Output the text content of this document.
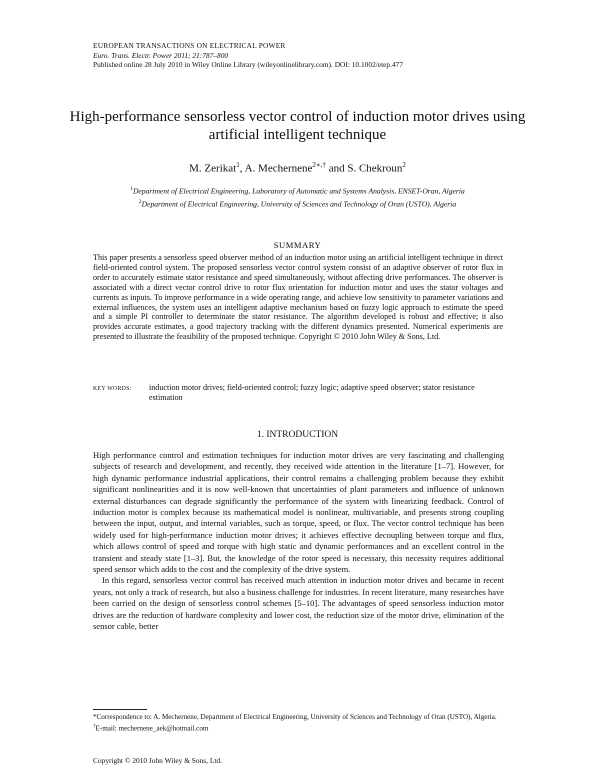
EUROPEAN TRANSACTIONS ON ELECTRICAL POWER
Euro. Trans. Electr. Power 2011; 21:787–800
Published online 28 July 2010 in Wiley Online Library (wileyonlinelibrary.com). DOI: 10.1002/etep.477
High-performance sensorless vector control of induction motor drives using artificial intelligent technique
M. Zerikat$^1$, A. Mechernene$^{2∗,\dagger}$ and S. Chekroun$^2$
$^1$Department of Electrical Engineering, Laboratory of Automatic and Systems Analysis, ENSET-Oran, Algeria
$^2$Department of Electrical Engineering, University of Sciences and Technology of Oran (USTO), Algeria
SUMMARY
This paper presents a sensorless speed observer method of an induction motor using an artificial intelligent technique in direct field-oriented control system. The proposed sensorless vector control system consist of an adaptive observer of rotor flux in order to accurately estimate stator resistance and speed simultaneously, without affecting drive performances. The observer is associated with a direct vector control drive to rotor flux orientation for induction motor and uses the stator voltages and currents as inputs. To improve performance in a wide operating range, and achieve low sensitivity to parameter variations and external influences, the system uses an intelligent adaptive mechanism based on fuzzy logic approach to estimate the speed and a simple PI controller to determinate the stator resistance. The algorithm developed is robust and effective; it also provides accurate estimates, a good trajectory tracking with the different dynamics presented. Numerical experiments are presented to illustrate the feasibility of the proposed technique. Copyright © 2010 John Wiley & Sons, Ltd.
KEY WORDS: induction motor drives; field-oriented control; fuzzy logic; adaptive speed observer; stator resistance estimation
1. INTRODUCTION

High performance control and estimation techniques for induction motor drives are very fascinating and challenging subjects of research and development, and recently, they received wide attention in the literature [1–7]. However, for high dynamic performance industrial applications, their control remains a challenging problem because they exhibit significant nonlinearities and it is now well-known that uncertainties of plant parameters and influence of unknown external disturbances can degrade significantly the performance of the system with linearizing feedback. Control of induction motor is complex because its mathematical model is nonlinear, multivariable, and presents strong coupling between the input, output, and internal variables, such as torque, speed, or flux. The vector control technique has been widely used for high-performance induction motor drives; it achieves effective decoupling between torque and flux, which allows control of speed and torque with high static and dynamic performances and an excellent control in the transient and steady state [1–3]. But, the knowledge of the rotor speed is necessary, this necessity requires additional speed sensor which adds to the cost and the complexity of the drive system.

In this regard, sensorless vector control has received much attention in induction motor drives and became in recent years, not only a track of research, but also a business challenge for industries. In recent literature, many researches have been carried on the design of sensorless control schemes [5–10]. The advantages of speed sensorless induction motor drives are the reduction of hardware complexity and lower cost, the reduction size of the motor drive, elimination of the sensor cable, better

*Correspondence to: A. Mechernene, Department of Electrical Engineering, University of Sciences and Technology of Oran (USTO), Algeria.
†E-mail: mechernene_aek@hotmail.com
Copyright © 2010 John Wiley & Sons, Ltd.
